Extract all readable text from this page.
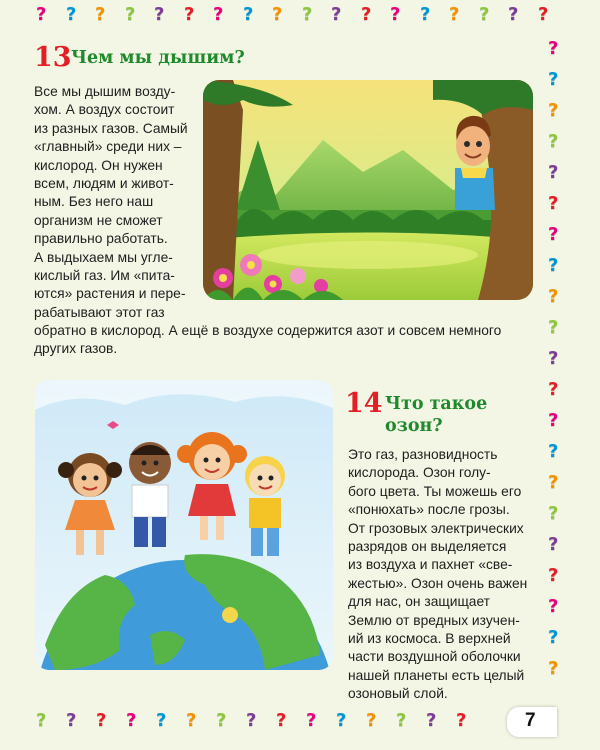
? ? ? ? ? ? ? ? ? ? ? ? ? ? ? ? ? ?
?
?
?
?
?
?
?
?
?
?
?
?
?
?
?
?
?
?
?
?
?
? ? ? ? ? ? ? ? ? ? ? ? ? ? ?
13 Чем мы дышим?
Все мы дышим возду-
хом. А воздух состоит
из разных газов. Самый
«главный» среди них –
кислород. Он нужен
всем, людям и живот-
ным. Без него наш
организм не сможет
правильно работать.
А выдыхаем мы угле-
кислый газ. Им «пита-
ются» растения и пере-
рабатывают этот газ
обратно в кислород. А ещё в воздухе содержится азот и совсем немного
других газов.
14 Что такое
озон?
Это газ, разновидность
кислорода. Озон голу-
бого цвета. Ты можешь его
«понюхать» после грозы.
От грозовых электрических
разрядов он выделяется
из воздуха и пахнет «све-
жестью». Озон очень важен
для нас, он защищает
Землю от вредных изучен-
ий из космоса. В верхней
части воздушной оболочки
нашей планеты есть целый
озоновый слой.
7
